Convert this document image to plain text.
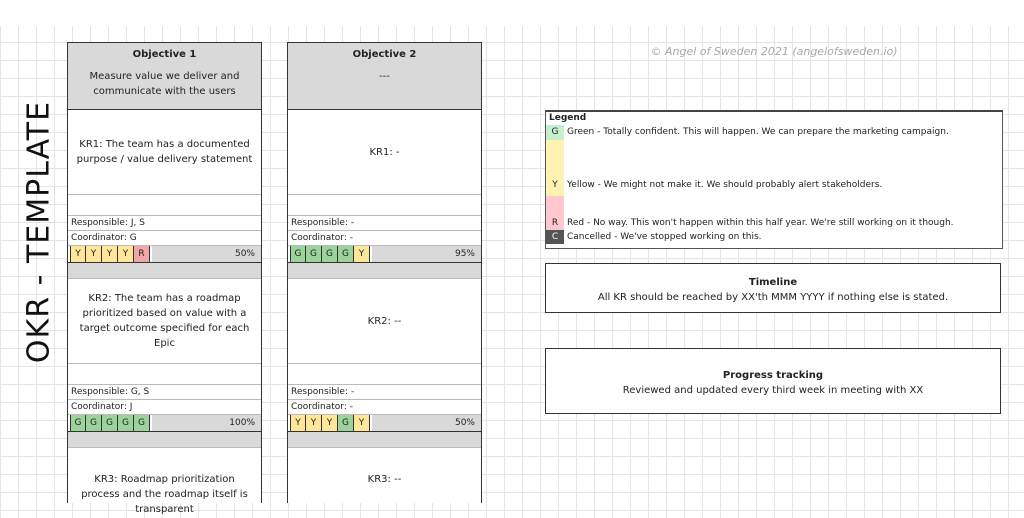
OKR - TEMPLATE
© Angel of Sweden 2021 (angelofsweden.io)
Objective 1
Measure value we deliver and communicate with the users
KR1: The team has a documented purpose / value delivery statement
Responsible: J, S
Coordinator: G
Y	Y	Y	Y	R	50%
KR2: The team has a roadmap prioritized based on value with a target outcome specified for each Epic
Responsible: G, S
Coordinator: J
G G	G	G	G	100%
KR3: Roadmap prioritization process and the roadmap itself is transparent
Objective 2
---
KR1: -
Responsible: -
Coordinator: -
G G	G	G	Y	95%
KR2: --
Responsible: -
Coordinator: -
Y	Y	Y	G	Y	50%
KR3: --
Legend
G Green - Totally confident. This will happen. We can prepare the marketing campaign.
Y	Yellow - We might not make it. We should probably alert stakeholders.
R Red - No way. This won't happen within this half year. We're still working on it though.
C Cancelled - We've stopped working on this.
Timeline
All KR should be reached by XX'th MMM YYYY if nothing else is stated.
Progress tracking
Reviewed and updated every third week in meeting with XX
